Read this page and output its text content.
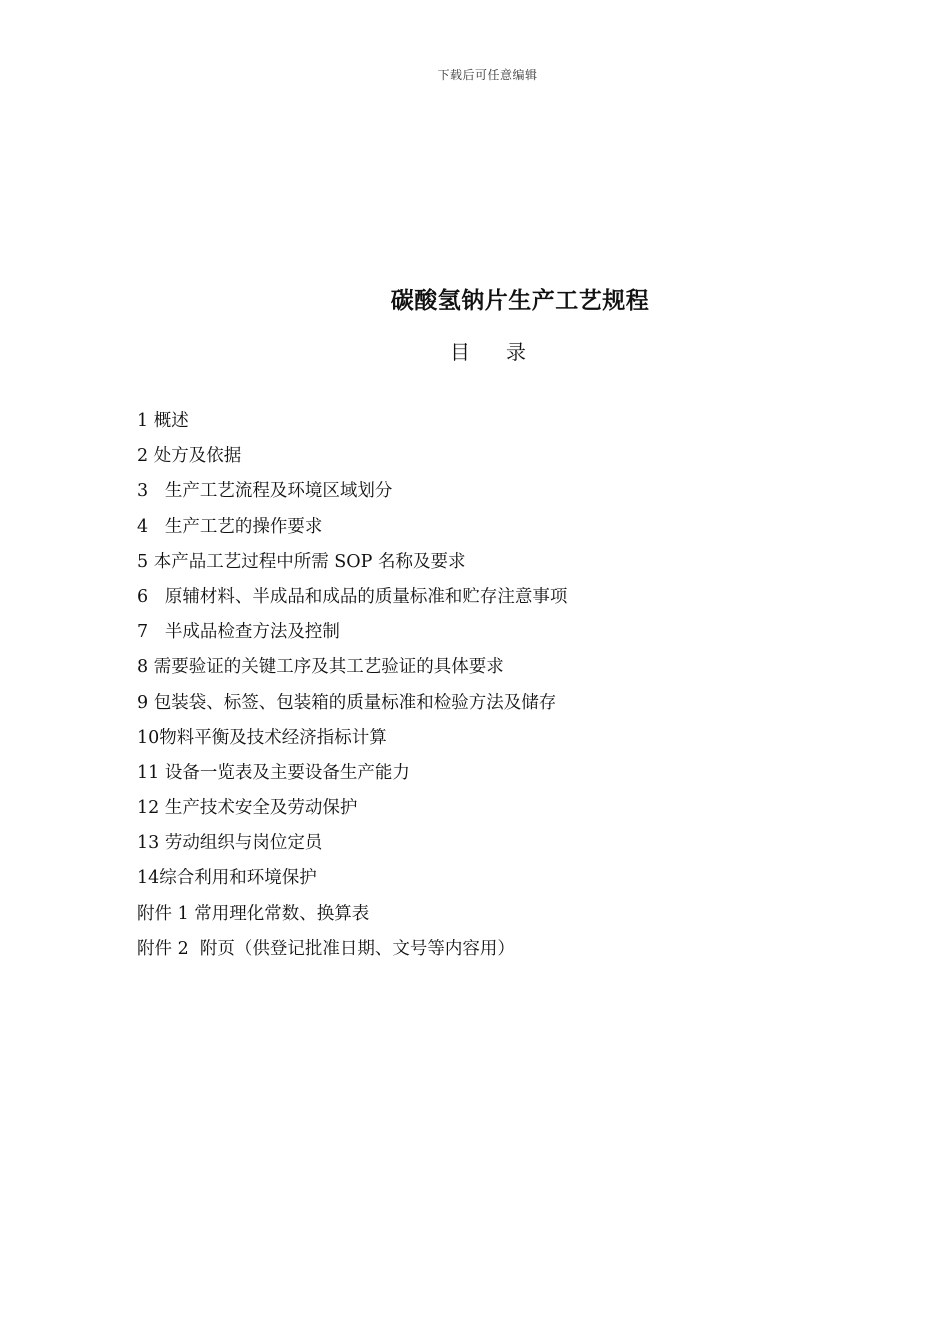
下载后可任意编辑
碳酸氢钠片生产工艺规程
目 录
1 概述
2 处方及依据
3 生产工艺流程及环境区域划分
4 生产工艺的操作要求
5 本产品工艺过程中所需 SOP 名称及要求
6 原辅材料、半成品和成品的质量标准和贮存注意事项
7 半成品检查方法及控制
8 需要验证的关键工序及其工艺验证的具体要求
9 包装袋、标签、包装箱的质量标准和检验方法及储存
10物料平衡及技术经济指标计算
11 设备一览表及主要设备生产能力
12 生产技术安全及劳动保护
13 劳动组织与岗位定员
14综合利用和环境保护
附件 1 常用理化常数、换算表
附件 2 附页（供登记批准日期、文号等内容用）
